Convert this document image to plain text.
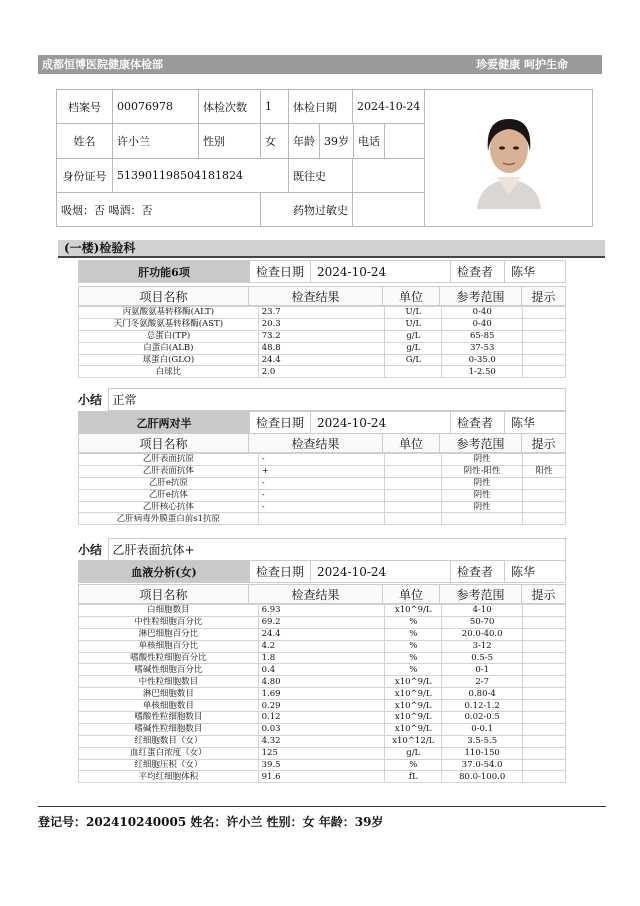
成都恒博医院健康体检部	珍爱健康 呵护生命
档案号	00076978	体检次数	1	体检日期	2024-10-24	
姓名	许小兰	性别	女	年龄	39岁	电话	

身份证号	513901198504181824	既往史	
吸烟：否 喝酒：否	药物过敏史	
(一楼)检验科
肝功能6项	检查日期	2024-10-24	检查者	陈华
项目名称	检查结果	单位	参考范围	提示
丙氨酸氨基转移酶(ALT)	23.7	U/L	0-40	
天门冬氨酸氨基转移酶(AST)	20.3	U/L	0-40	
总蛋白(TP)	73.2	g/L	65-85	
白蛋白(ALB)	48.8	g/L	37-53	
球蛋白(GLO)	24.4	G/L	0-35.0	
白球比	2.0		1-2.50	
小结	正常
乙肝两对半	检查日期	2024-10-24	检查者	陈华
项目名称	检查结果	单位	参考范围	提示
乙肝表面抗原	-		阴性	
乙肝表面抗体	+		阴性-阳性	阳性
乙肝e抗原	-		阴性	
乙肝e抗体	-		阴性	
乙肝核心抗体	-		阴性	
乙肝病毒外膜蛋白前s1抗原				
小结	乙肝表面抗体+
血液分析(女)	检查日期	2024-10-24	检查者	陈华
项目名称	检查结果	单位	参考范围	提示
白细胞数目	6.93	x10^9/L	4-10	
中性粒细胞百分比	69.2	%	50-70	
淋巴细胞百分比	24.4	%	20.0-40.0	
单核细胞百分比	4.2	%	3-12	
嗜酸性粒细胞百分比	1.8	%	0.5-5	
嗜碱性细胞百分比	0.4	%	0-1	
中性粒细胞数目	4.80	x10^9/L	2-7	
淋巴细胞数目	1.69	x10^9/L	0.80-4	
单核细胞数目	0.29	x10^9/L	0.12-1.2	
嗜酸性粒细胞数目	0.12	x10^9/L	0.02-0.5	
嗜碱性粒细胞数目	0.03	x10^9/L	0-0.1	
红细胞数目（女）	4.32	x10^12/L	3.5-5.5	
血红蛋白浓度（女）	125	g/L	110-150	
红细胞压积（女）	39.5	%	37.0-54.0	
平均红细胞体积	91.6	fL	80.0-100.0	
登记号：202410240005 姓名：许小兰 性别：女 年龄：39岁
